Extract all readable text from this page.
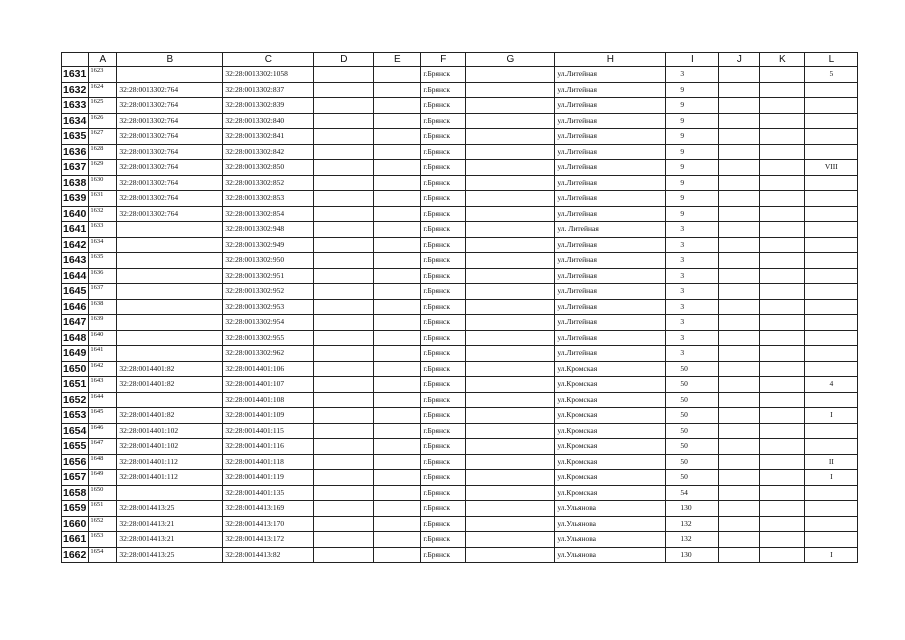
	A	B	C	D	E	F	G	H	I	J	K	L
1631	1623		32:28:0013302:1058			г.Брянск		ул.Литейная	3			5
1632	1624	32:28:0013302:764	32:28:0013302:837			г.Брянск		ул.Литейная	9			
1633	1625	32:28:0013302:764	32:28:0013302:839			г.Брянск		ул.Литейная	9			
1634	1626	32:28:0013302:764	32:28:0013302:840			г.Брянск		ул.Литейная	9			
1635	1627	32:28:0013302:764	32:28:0013302:841			г.Брянск		ул.Литейная	9			
1636	1628	32:28:0013302:764	32:28:0013302:842			г.Брянск		ул.Литейная	9			
1637	1629	32:28:0013302:764	32:28:0013302:850			г.Брянск		ул.Литейная	9			VIII
1638	1630	32:28:0013302:764	32:28:0013302:852			г.Брянск		ул.Литейная	9			
1639	1631	32:28:0013302:764	32:28:0013302:853			г.Брянск		ул.Литейная	9			
1640	1632	32:28:0013302:764	32:28:0013302:854			г.Брянск		ул.Литейная	9			
1641	1633		32:28:0013302:948			г.Брянск		ул. Литейная	3			
1642	1634		32:28:0013302:949			г.Брянск		ул.Литейная	3			
1643	1635		32:28:0013302:950			г.Брянск		ул.Литейная	3			
1644	1636		32:28:0013302:951			г.Брянск		ул.Литейная	3			
1645	1637		32:28:0013302:952			г.Брянск		ул.Литейная	3			
1646	1638		32:28:0013302:953			г.Брянск		ул.Литейная	3			
1647	1639		32:28:0013302:954			г.Брянск		ул.Литейная	3			
1648	1640		32:28:0013302:955			г.Брянск		ул.Литейная	3			
1649	1641		32:28:0013302:962			г.Брянск		ул.Литейная	3			
1650	1642	32:28:0014401:82	32:28:0014401:106			г.Брянск		ул.Кромская	50			
1651	1643	32:28:0014401:82	32:28:0014401:107			г.Брянск		ул.Кромская	50			4
1652	1644		32:28:0014401:108			г.Брянск		ул.Кромская	50			
1653	1645	32:28:0014401:82	32:28:0014401:109			г.Брянск		ул.Кромская	50			I
1654	1646	32:28:0014401:102	32:28:0014401:115			г.Брянск		ул.Кромская	50			
1655	1647	32:28:0014401:102	32:28:0014401:116			г.Брянск		ул.Кромская	50			
1656	1648	32:28:0014401:112	32:28:0014401:118			г.Брянск		ул.Кромская	50			II
1657	1649	32:28:0014401:112	32:28:0014401:119			г.Брянск		ул.Кромская	50			I
1658	1650		32:28:0014401:135			г.Брянск		ул.Кромская	54			
1659	1651	32:28:0014413:25	32:28:0014413:169			г.Брянск		ул.Ульянова	130			
1660	1652	32:28:0014413:21	32:28:0014413:170			г.Брянск		ул.Ульянова	132			
1661	1653	32:28:0014413:21	32:28:0014413:172			г.Брянск		ул.Ульянова	132			
1662	1654	32:28:0014413:25	32:28:0014413:82			г.Брянск		ул.Ульянова	130			I
